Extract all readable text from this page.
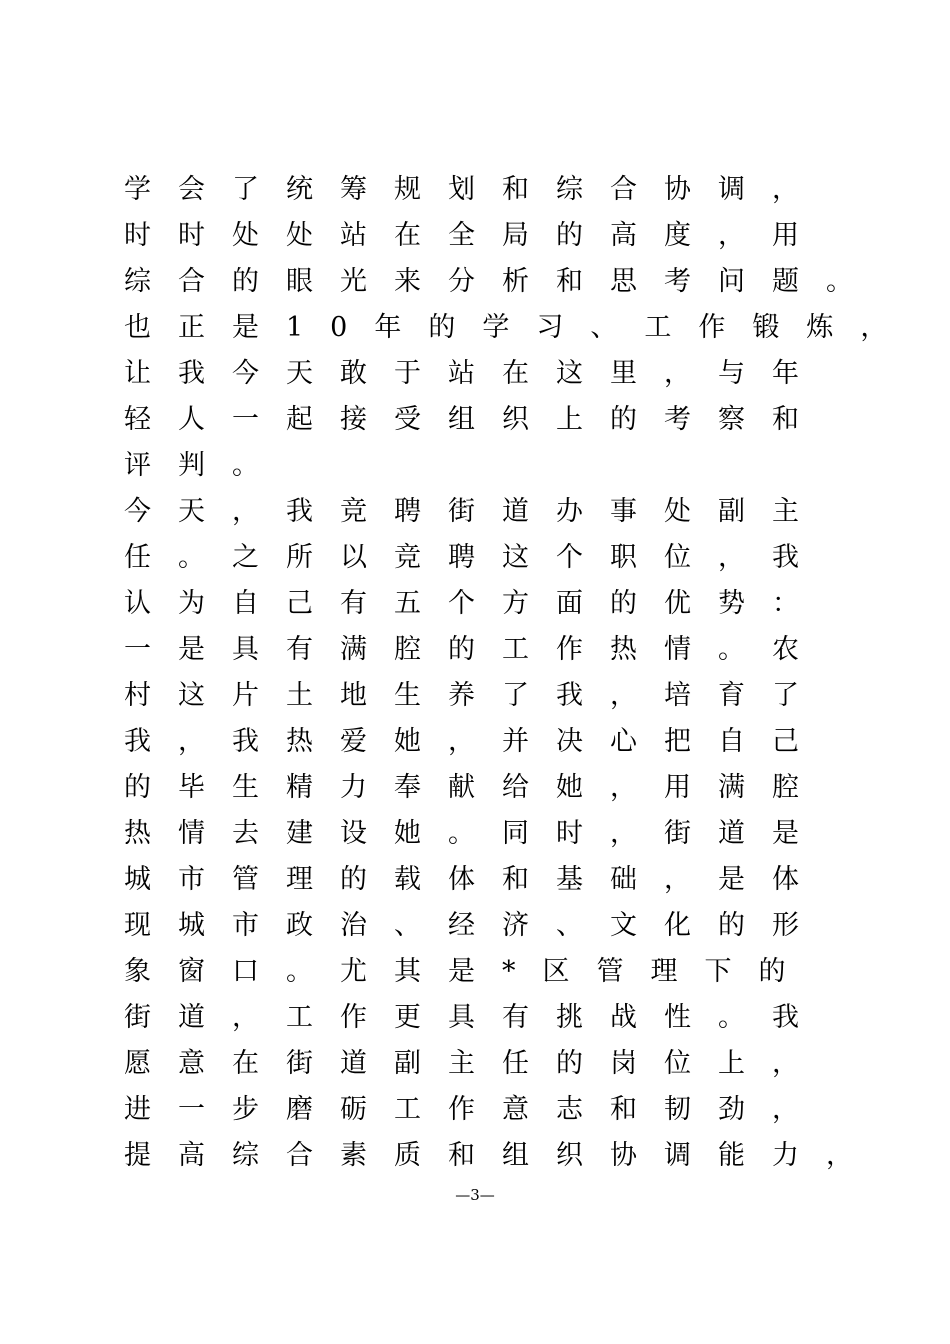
学会了统筹规划和综合协调，
时时处处站在全局的高度，用
综合的眼光来分析和思考问题。
也正是10年的学习、工作锻炼，
让我今天敢于站在这里，与年
轻人一起接受组织上的考察和
评判。
今天，我竞聘街道办事处副主
任。之所以竞聘这个职位，我
认为自己有五个方面的优势：
一是具有满腔的工作热情。农
村这片土地生养了我，培育了
我，我热爱她，并决心把自己
的毕生精力奉献给她，用满腔
热情去建设她。同时，街道是
城市管理的载体和基础，是体
现城市政治、经济、文化的形
象窗口。尤其是*区管理下的
街道，工作更具有挑战性。我
愿意在街道副主任的岗位上，
进一步磨砺工作意志和韧劲，
提高综合素质和组织协调能力，
—3—
